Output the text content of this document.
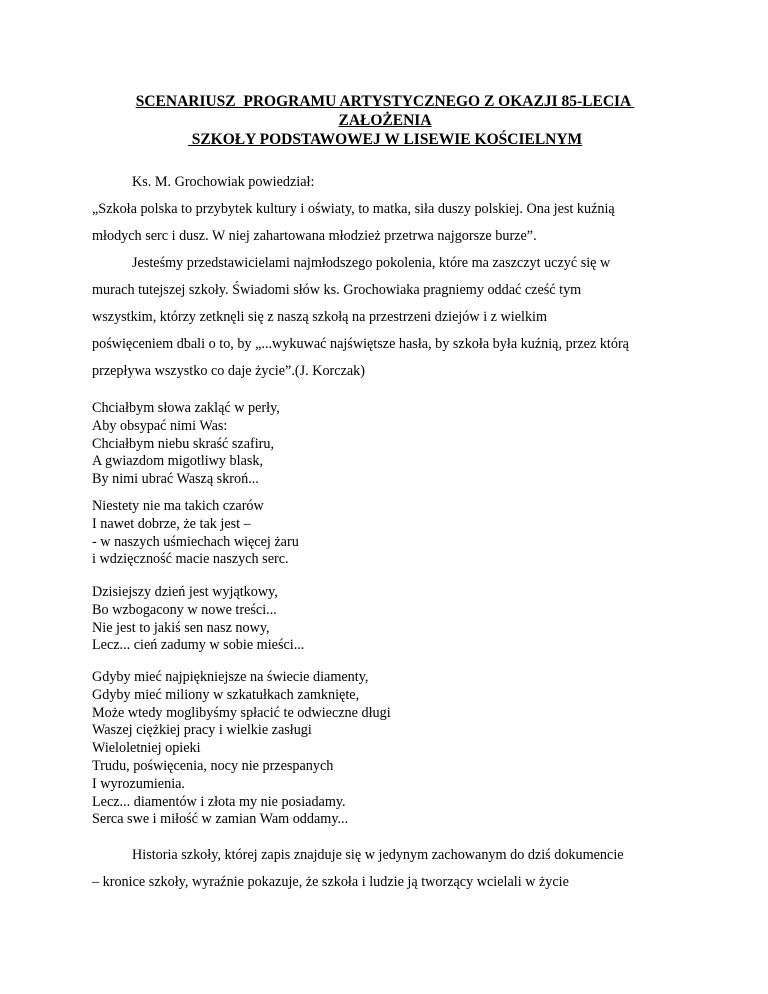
SCENARIUSZ  PROGRAMU ARTYSTYCZNEGO Z OKAZJI 85-LECIA
ZAŁOŻENIA
SZKOŁY PODSTAWOWEJ W LISEWIE KOŚCIELNYM
Ks. M. Grochowiak powiedział:
„Szkoła polska to przybytek kultury i oświaty, to matka, siła duszy polskiej. Ona jest kuźnią
młodych serc i dusz. W niej zahartowana młodzież przetrwa najgorsze burze”.
Jesteśmy przedstawicielami najmłodszego pokolenia, które ma zaszczyt uczyć się w
murach tutejszej szkoły. Świadomi słów ks. Grochowiaka pragniemy oddać cześć tym
wszystkim, którzy zetknęli się z naszą szkołą na przestrzeni dziejów i z wielkim
poświęceniem dbali o to, by „...wykuwać najświętsze hasła, by szkoła była kuźnią, przez którą
przepływa wszystko co daje życie”.(J. Korczak)
Chciałbym słowa zakląć w perły,
Aby obsypać nimi Was:
Chciałbym niebu skraść szafiru,
A gwiazdom migotliwy blask,
By nimi ubrać Waszą skroń...
Niestety nie ma takich czarów
I nawet dobrze, że tak jest –
- w naszych uśmiechach więcej żaru
i wdzięczność macie naszych serc.
Dzisiejszy dzień jest wyjątkowy,
Bo wzbogacony w nowe treści...
Nie jest to jakiś sen nasz nowy,
Lecz... cień zadumy w sobie mieści...
Gdyby mieć najpiękniejsze na świecie diamenty,
Gdyby mieć miliony w szkatułkach zamknięte,
Może wtedy moglibyśmy spłacić te odwieczne długi
Waszej ciężkiej pracy i wielkie zasługi
Wieloletniej opieki
Trudu, poświęcenia, nocy nie przespanych
I wyrozumienia.
Lecz... diamentów i złota my nie posiadamy.
Serca swe i miłość w zamian Wam oddamy...
Historia szkoły, której zapis znajduje się w jedynym zachowanym do dziś dokumencie
– kronice szkoły, wyraźnie pokazuje, że szkoła i ludzie ją tworzący wcielali w życie
